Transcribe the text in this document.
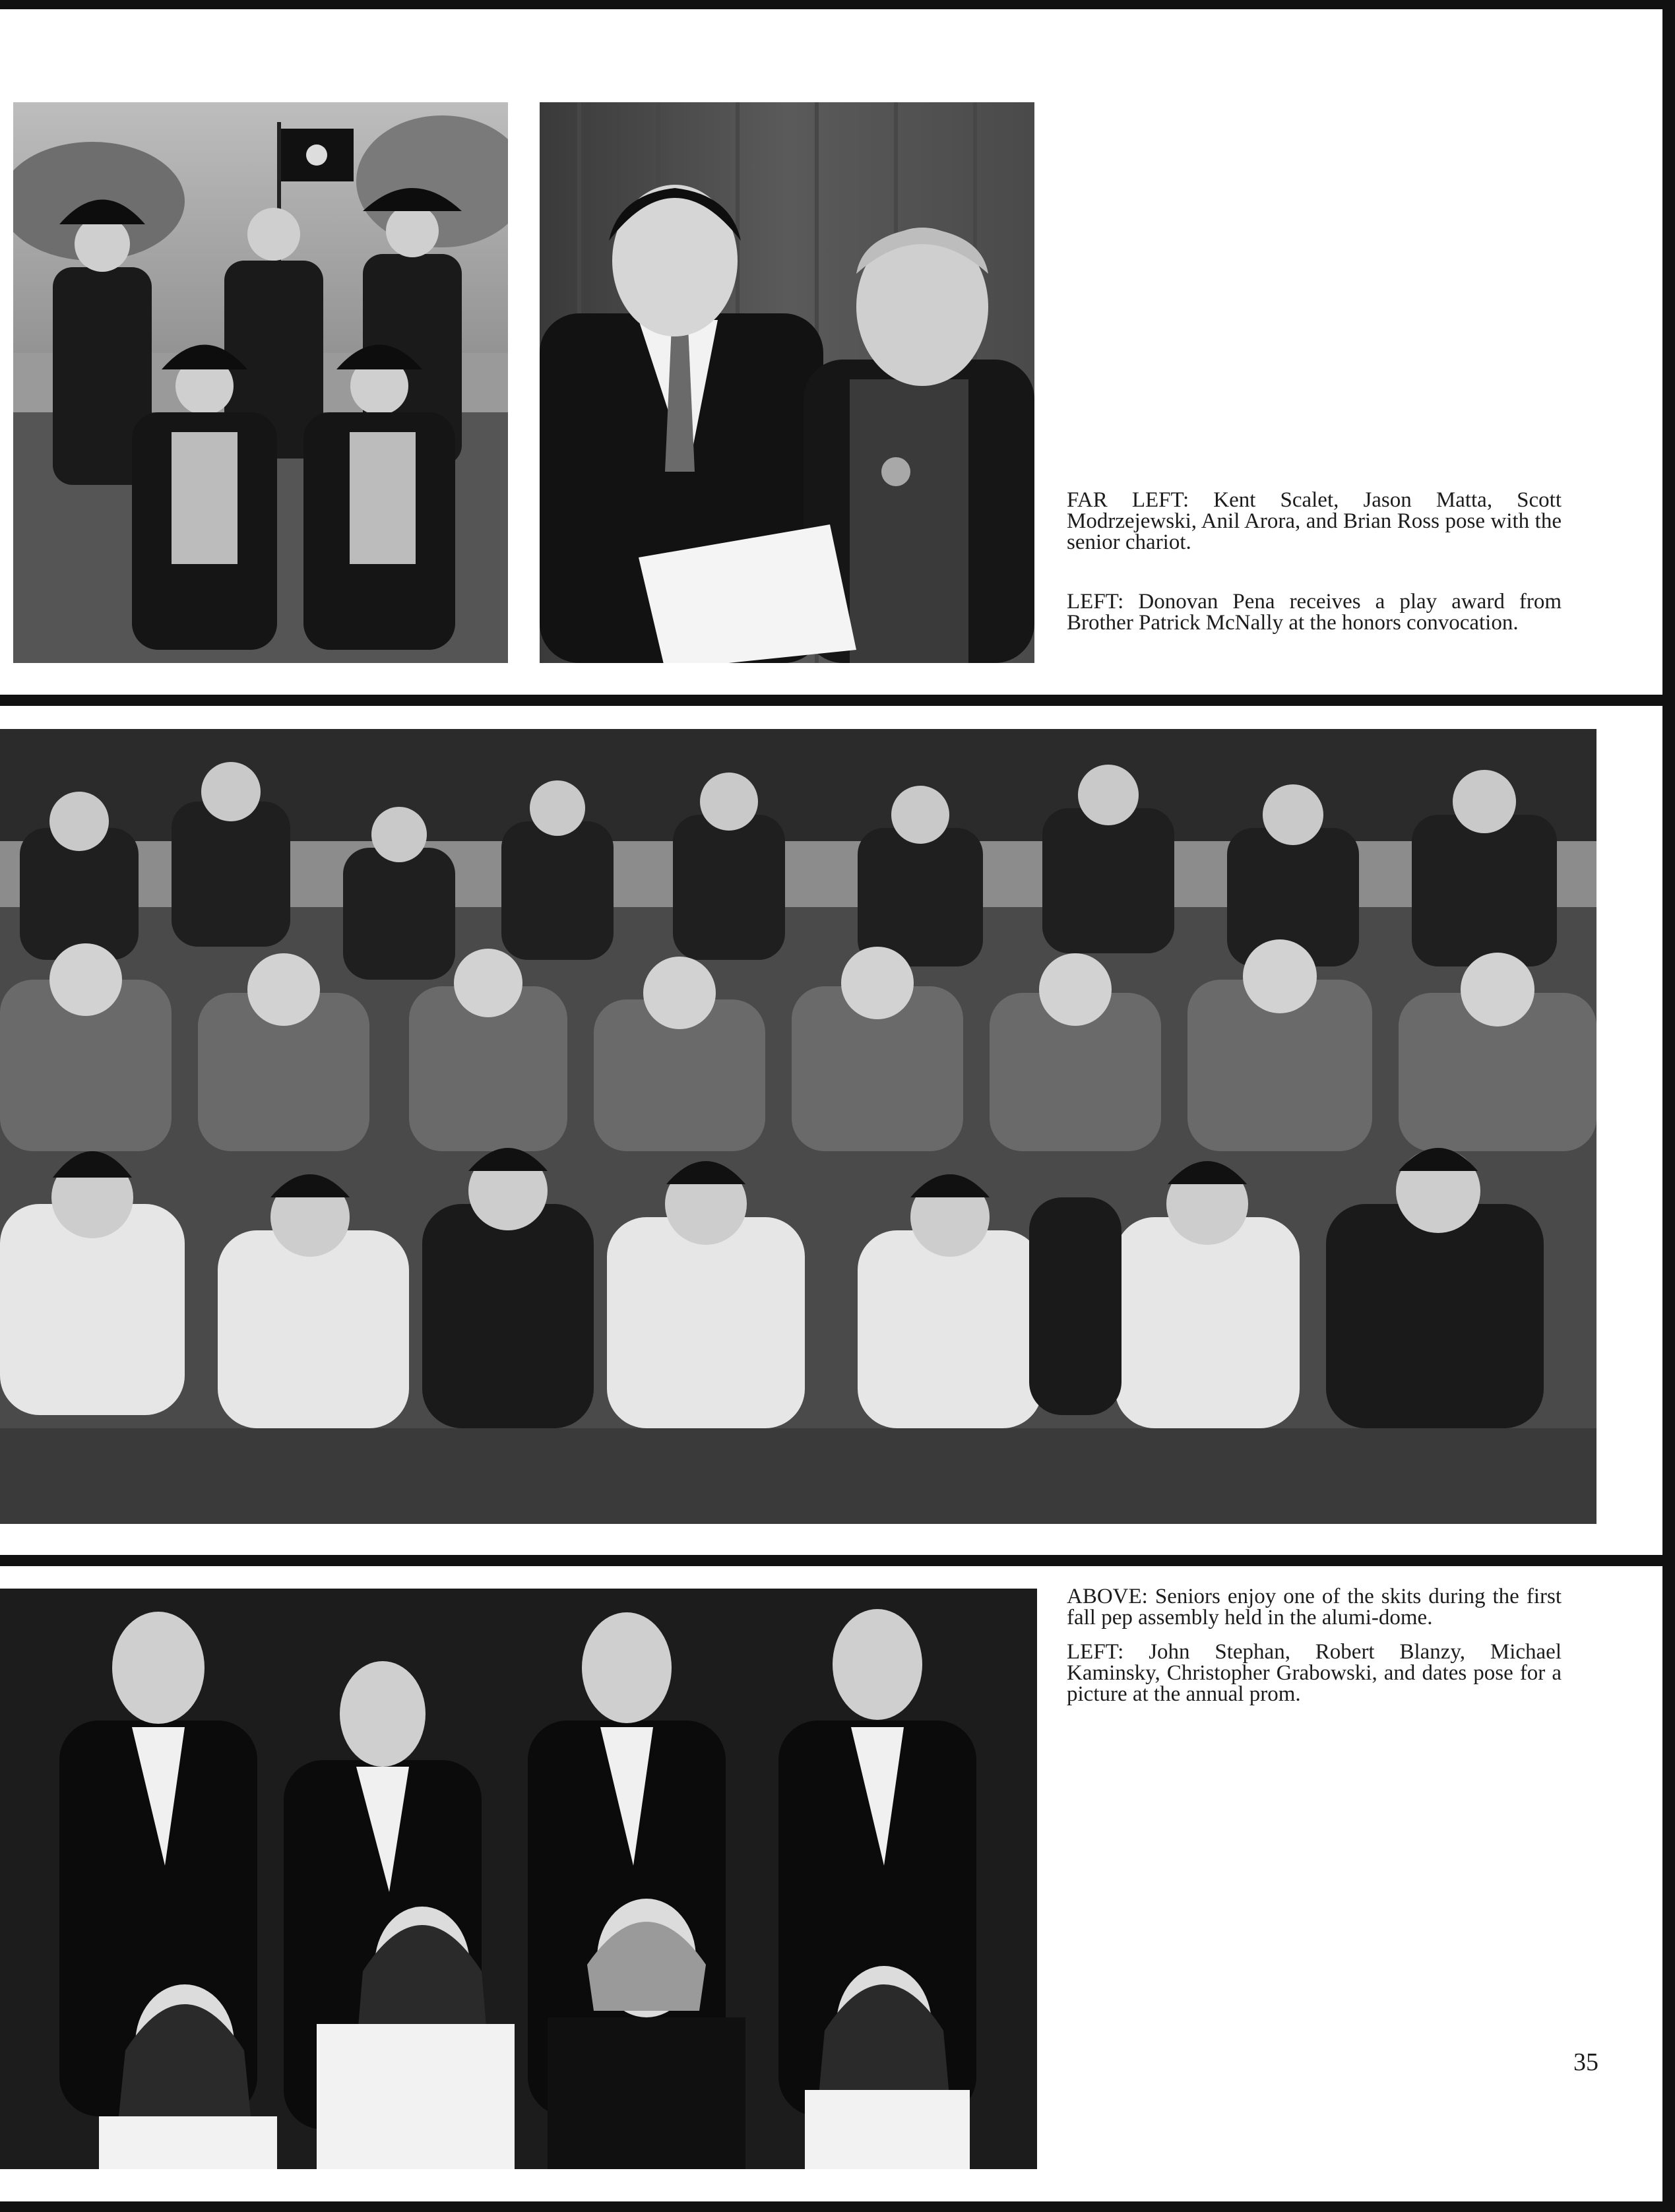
FAR LEFT: Kent Scalet, Jason Matta, Scott Modrzejewski, Anil Arora, and Brian Ross pose with the senior chariot.

LEFT: Donovan Pena receives a play award from Brother Patrick McNally at the honors convocation.

ABOVE: Seniors enjoy one of the skits during the first fall pep assembly held in the alumi-dome.

LEFT: John Stephan, Robert Blanzy, Michael Kaminsky, Christopher Grabowski, and dates pose for a picture at the annual prom.

35
